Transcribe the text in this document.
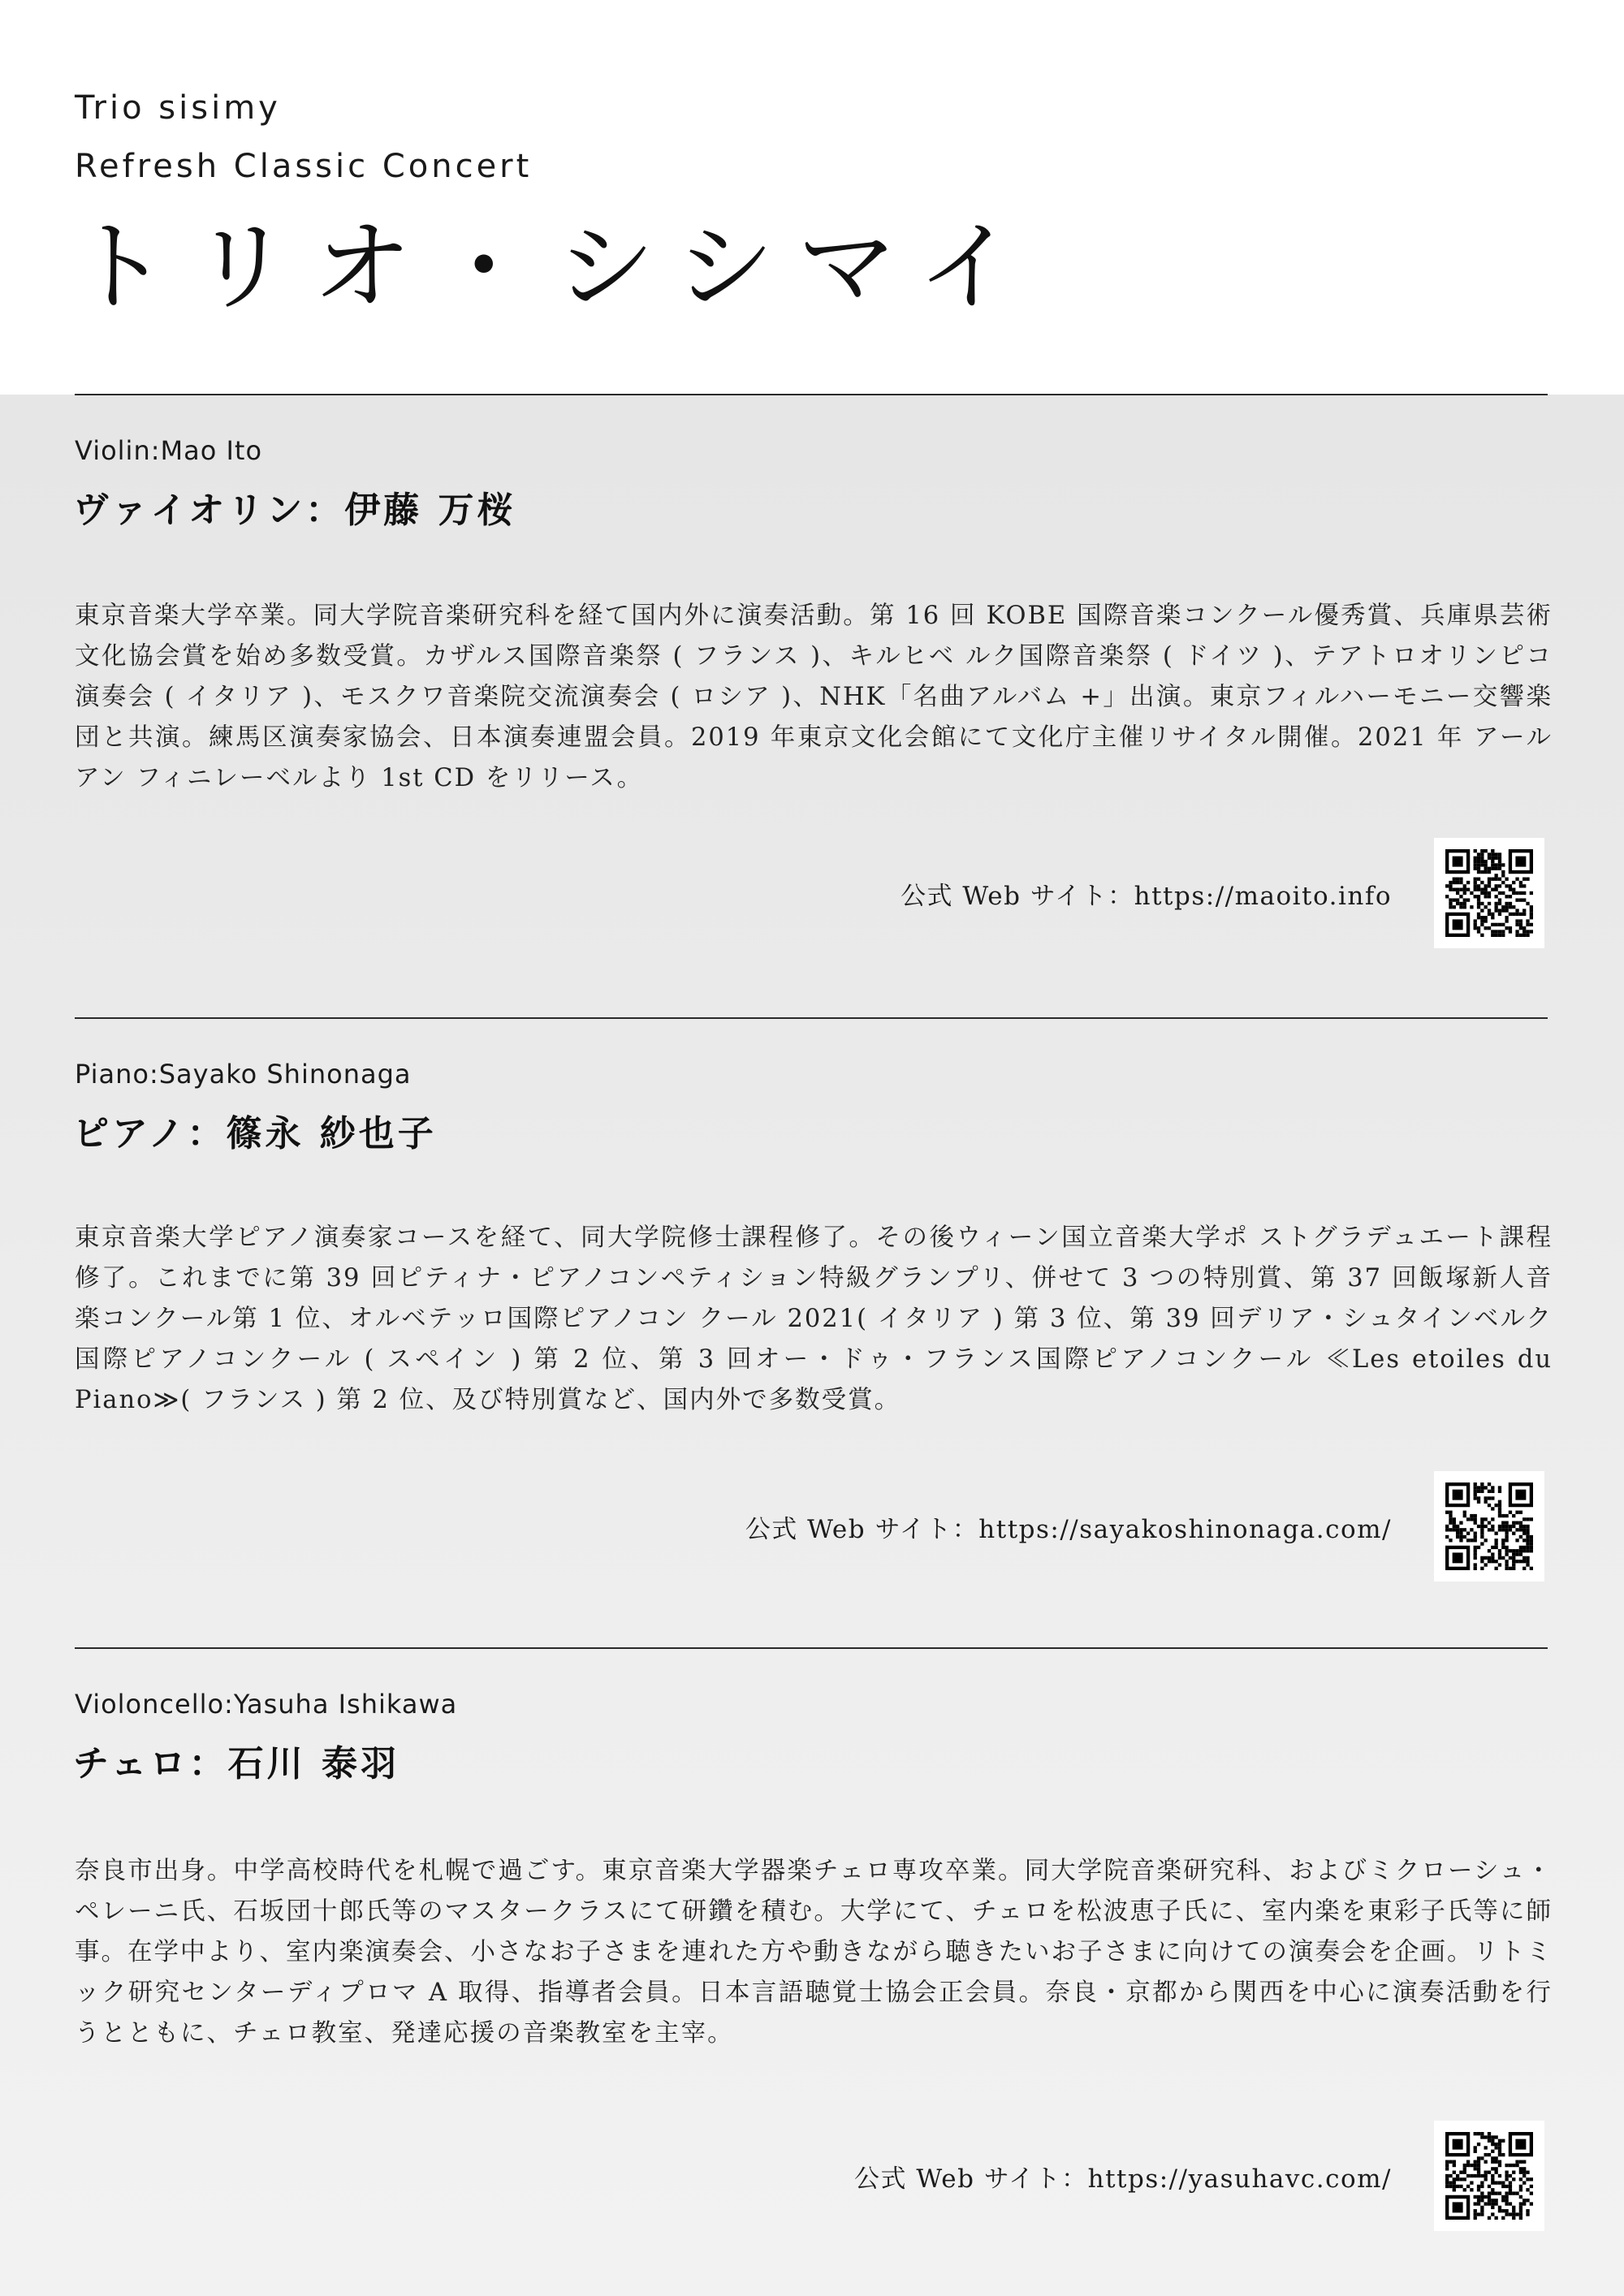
Trio sisimy
Refresh Classic Concert
トリオ・シシマイ
Violin:Mao Ito
ヴァイオリン：伊藤 万桜
東京音楽大学卒業。同大学院音楽研究科を経て国内外に演奏活動。第 16 回 KOBE 国際音楽コンクール優秀賞、兵庫県芸術文化協会賞を始め多数受賞。カザルス国際音楽祭 ( フランス )、キルヒベ ルク国際音楽祭 ( ドイツ )、テアトロオリンピコ演奏会 ( イタリア )、モスクワ音楽院交流演奏会 ( ロシア )、NHK「名曲アルバム +」出演。東京フィルハーモニー交響楽団と共演。練馬区演奏家協会、日本演奏連盟会員。2019 年東京文化会館にて文化庁主催リサイタル開催。2021 年 アールアン フィニレーベルより 1st CD をリリース。
公式 Web サイト：https://maoito.info
Piano:Sayako Shinonaga
ピアノ：篠永 紗也子
東京音楽大学ピアノ演奏家コースを経て、同大学院修士課程修了。その後ウィーン国立音楽大学ポ ストグラデュエート課程修了。これまでに第 39 回ピティナ・ピアノコンペティション特級グランプリ、併せて 3 つの特別賞、第 37 回飯塚新人音楽コンクール第 1 位、オルベテッロ国際ピアノコン クール 2021( イタリア ) 第 3 位、第 39 回デリア・シュタインベルク国際ピアノコンクール ( スペイン ) 第 2 位、第 3 回オー・ドゥ・フランス国際ピアノコンクール ≪Les etoiles du Piano≫( フランス ) 第 2 位、及び特別賞など、国内外で多数受賞。
公式 Web サイト：https://sayakoshinonaga.com/
Violoncello:Yasuha Ishikawa
チェロ：石川 泰羽
奈良市出身。中学高校時代を札幌で過ごす。東京音楽大学器楽チェロ専攻卒業。同大学院音楽研究科、およびミクローシュ・ペレーニ氏、石坂団十郎氏等のマスタークラスにて研鑽を積む。大学にて、チェロを松波恵子氏に、室内楽を東彩子氏等に師事。在学中より、室内楽演奏会、小さなお子さまを連れた方や動きながら聴きたいお子さまに向けての演奏会を企画。リトミック研究センターディプロマ A 取得、指導者会員。日本言語聴覚士協会正会員。奈良・京都から関西を中心に演奏活動を行うとともに、チェロ教室、発達応援の音楽教室を主宰。
公式 Web サイト：https://yasuhavc.com/
